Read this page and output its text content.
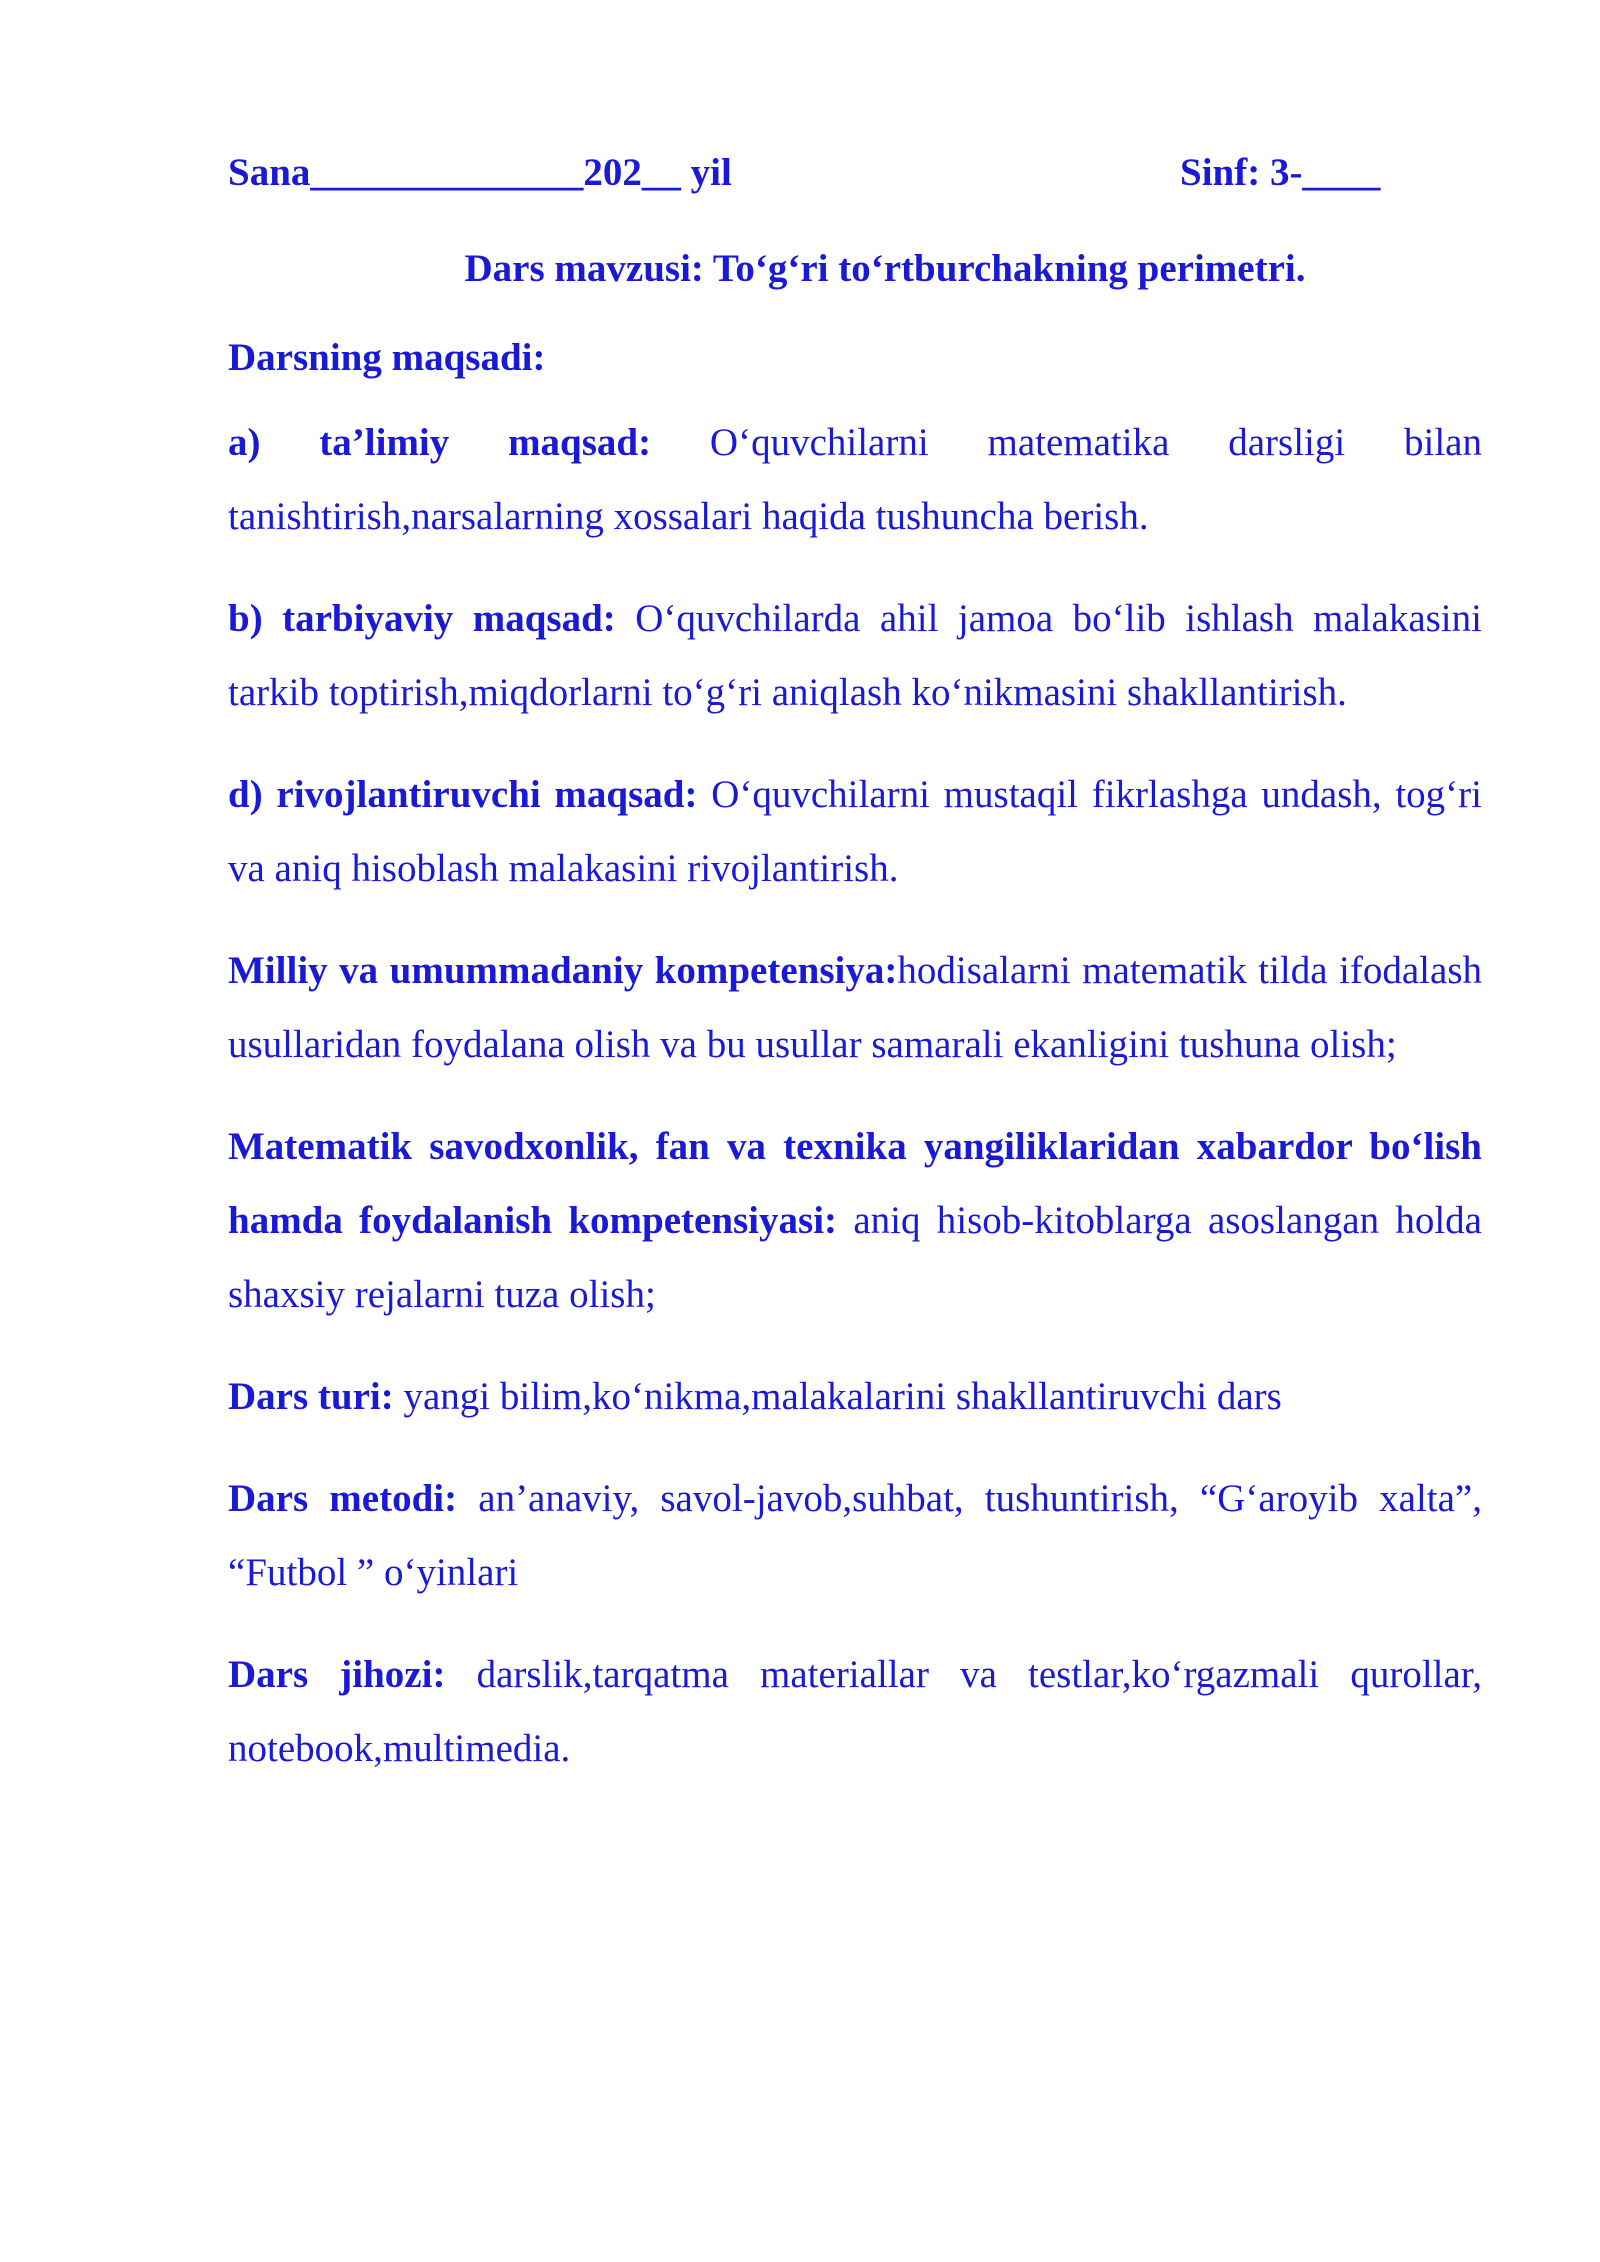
Sana______________202__ yil

	Sinf: 3-____

Dars mavzusi: To‘g‘ri to‘rtburchakning perimetri.
Darsning maqsadi:
a) ta’limiy maqsad: O‘quvchilarni matematika darsligi bilan tanishtirish,narsalarning xossalari haqida tushuncha berish.
b) tarbiyaviy maqsad: O‘quvchilarda ahil jamoa bo‘lib ishlash malakasini tarkib toptirish,miqdorlarni to‘g‘ri aniqlash ko‘nikmasini shakllantirish.
d) rivojlantiruvchi maqsad: O‘quvchilarni mustaqil fikrlashga undash, tog‘ri va aniq hisoblash malakasini rivojlantirish.
Milliy va umummadaniy kompetensiya:hodisalarni matematik tilda ifodalash usullaridan foydalana olish va bu usullar samarali ekanligini tushuna olish;
Matematik savodxonlik, fan va texnika yangiliklaridan xabardor bo‘lish hamda foydalanish kompetensiyasi: aniq hisob-kitoblarga asoslangan holda shaxsiy rejalarni tuza olish;
Dars turi: yangi bilim,ko‘nikma,malakalarini shakllantiruvchi dars
Dars metodi: an’anaviy, savol-javob,suhbat, tushuntirish, “G‘aroyib xalta”, “Futbol ” o‘yinlari
Dars jihozi: darslik,tarqatma materiallar va testlar,ko‘rgazmali qurollar, notebook,multimedia.
